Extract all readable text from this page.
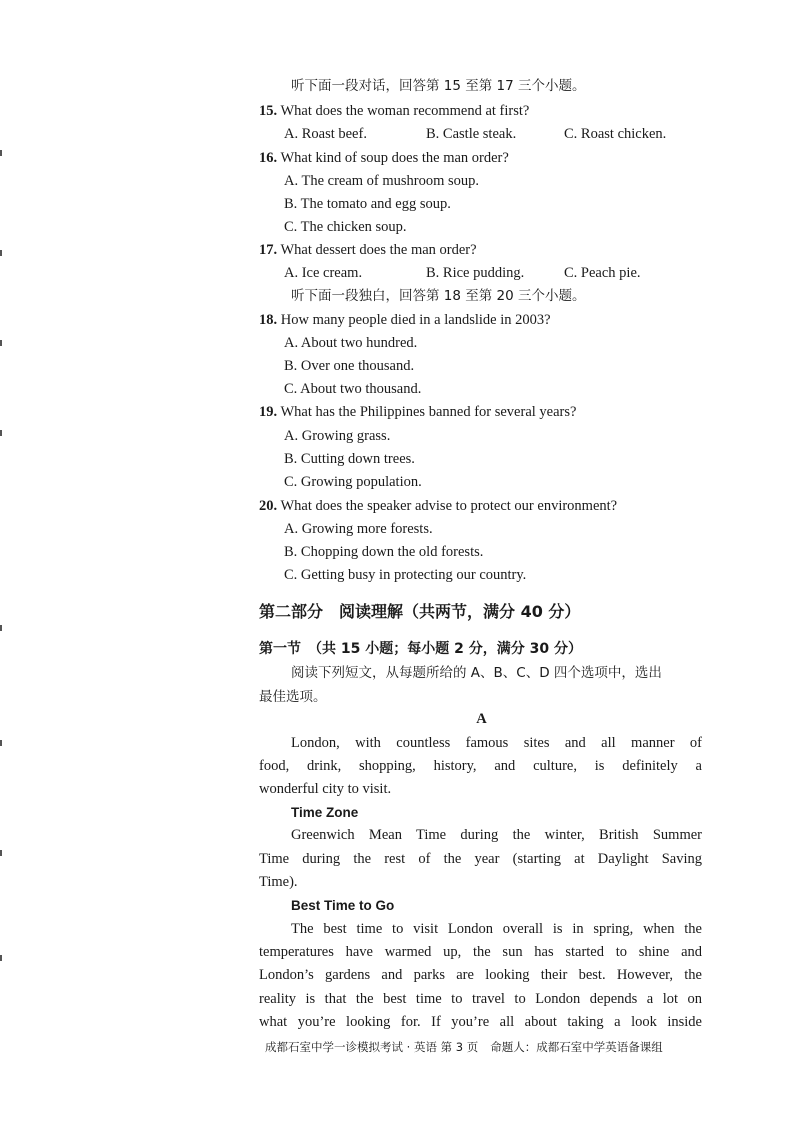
听下面一段对话，回答第 15 至第 17 三个小题。
15. What does the woman recommend at first?
A. Roast beef.	B. Castle steak.	C. Roast chicken.
16. What kind of soup does the man order?
A. The cream of mushroom soup.
B. The tomato and egg soup.
C. The chicken soup.
17. What dessert does the man order?
A. Ice cream.	B. Rice pudding.	C. Peach pie.
听下面一段独白，回答第 18 至第 20 三个小题。
18. How many people died in a landslide in 2003?
A. About two hundred.
B. Over one thousand.
C. About two thousand.
19. What has the Philippines banned for several years?
A. Growing grass.
B. Cutting down trees.
C. Growing population.
20. What does the speaker advise to protect our environment?
A. Growing more forests.
B. Chopping down the old forests.
C. Getting busy in protecting our country.
第二部分　阅读理解（共两节，满分 40 分）
第一节　（共 15 小题；每小题 2 分，满分 30 分）
阅读下列短文，从每题所给的 A、B、C、D 四个选项中，选出
最佳选项。
A
London, with countless famous sites and all manner of
food, drink, shopping, history, and culture, is definitely a
wonderful city to visit.
Time Zone
Greenwich Mean Time during the winter, British Summer
Time during the rest of the year (starting at Daylight Saving
Time).
Best Time to Go
The best time to visit London overall is in spring, when the
temperatures have warmed up, the sun has started to shine and
London’s gardens and parks are looking their best. However, the
reality is that the best time to travel to London depends a lot on
what you’re looking for. If you’re all about taking a look inside
成都石室中学一诊模拟考试 · 英语 第 3 页 命题人：成都石室中学英语备课组
